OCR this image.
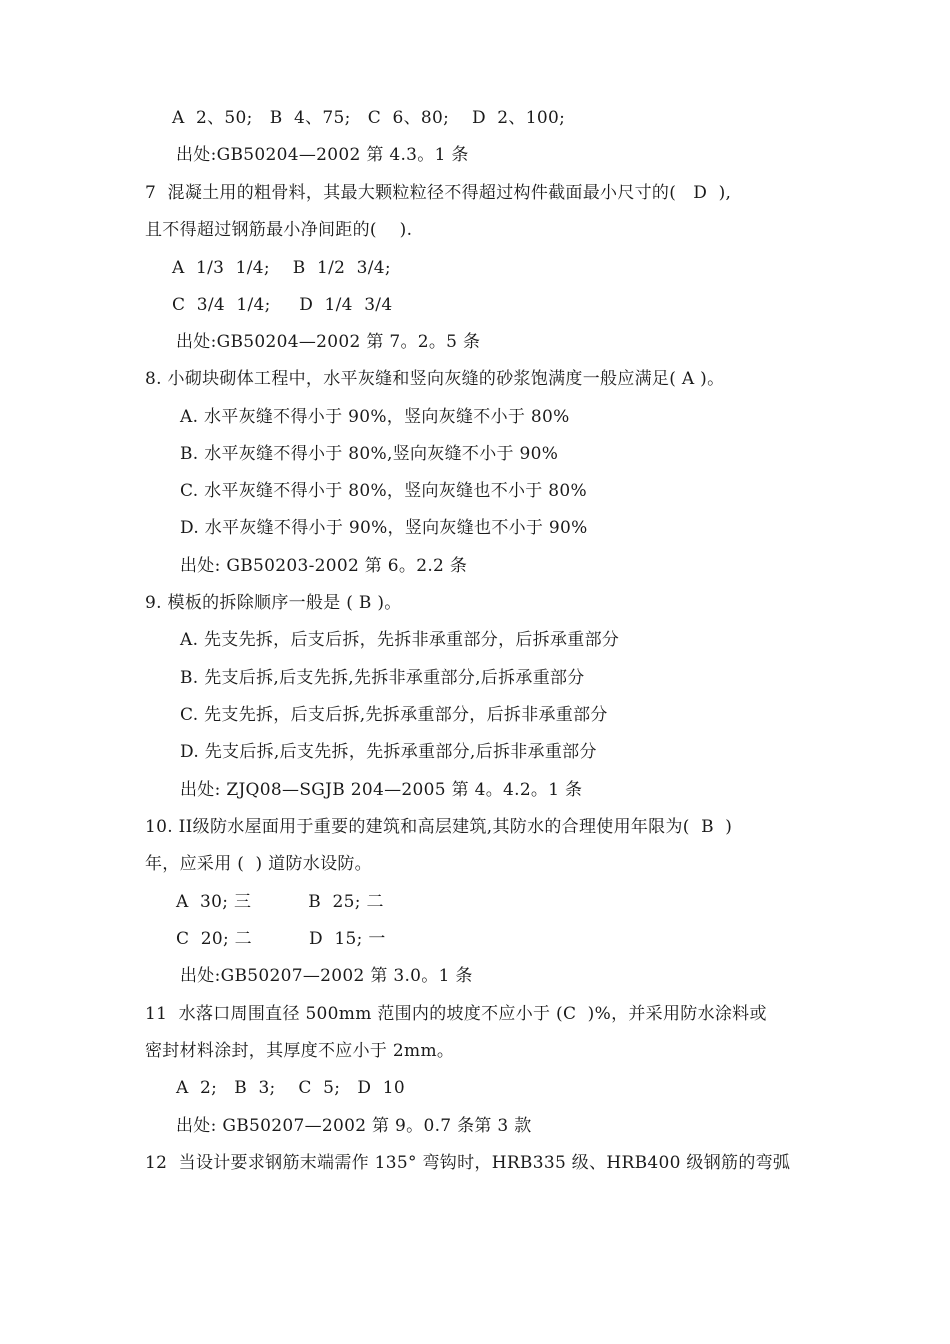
A  2、50;   B  4、75;   C  6、80;    D  2、100;
出处:GB50204—2002 第 4.3。1 条
7  混凝土用的粗骨料，其最大颗粒粒径不得超过构件截面最小尺寸的(   D  ),
且不得超过钢筋最小净间距的(    ).
A  1/3  1/4;    B  1/2  3/4;
C  3/4  1/4;     D  1/4  3/4
出处:GB50204—2002 第 7。2。5 条
8. 小砌块砌体工程中，水平灰缝和竖向灰缝的砂浆饱满度一般应满足( A )。
A. 水平灰缝不得小于 90%，竖向灰缝不小于 80%
B. 水平灰缝不得小于 80%,竖向灰缝不小于 90%
C. 水平灰缝不得小于 80%，竖向灰缝也不小于 80%
D. 水平灰缝不得小于 90%，竖向灰缝也不小于 90%
出处: GB50203-2002 第 6。2.2 条
9. 模板的拆除顺序一般是 ( B )。
A. 先支先拆，后支后拆，先拆非承重部分，后拆承重部分
B. 先支后拆,后支先拆,先拆非承重部分,后拆承重部分
C. 先支先拆，后支后拆,先拆承重部分，后拆非承重部分
D. 先支后拆,后支先拆，先拆承重部分,后拆非承重部分
出处: ZJQ08—SGJB 204—2005 第 4。4.2。1 条
10. II级防水屋面用于重要的建筑和高层建筑,其防水的合理使用年限为(  B  )
年，应采用 (  ) 道防水设防。
A  30; 三          B  25; 二
C  20; 二          D  15; 一
出处:GB50207—2002 第 3.0。1 条
11  水落口周围直径 500mm 范围内的坡度不应小于 (C  )%，并采用防水涂料或
密封材料涂封，其厚度不应小于 2mm。
A  2;   B  3;    C  5;   D  10
出处: GB50207—2002 第 9。0.7 条第 3 款
12  当设计要求钢筋末端需作 135° 弯钩时，HRB335 级、HRB400 级钢筋的弯弧
